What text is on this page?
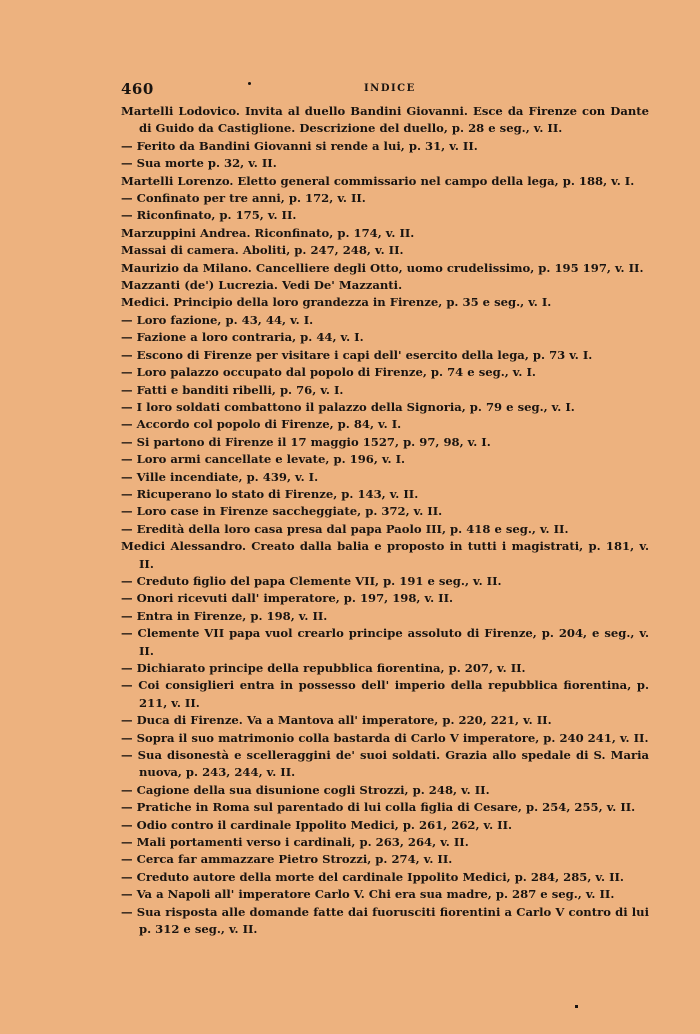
460	INDICE

Martelli Lodovico. Invita al duello Bandini Giovanni. Esce da Firenze con Dante di Guido da Castiglione. Descrizione del duello, p. 28 e seg., v. II.

— Ferito da Bandini Giovanni si rende a lui, p. 31, v. II.

— Sua morte p. 32, v. II.

Martelli Lorenzo. Eletto general commissario nel campo della lega, p. 188, v. I.

— Confinato per tre anni, p. 172, v. II.

— Riconfinato, p. 175, v. II.

Marzuppini Andrea. Riconfinato, p. 174, v. II.

Massai di camera. Aboliti, p. 247, 248, v. II.

Maurizio da Milano. Cancelliere degli Otto, uomo crudelissimo, p. 195 197, v. II.

Mazzanti (de') Lucrezia. Vedi De' Mazzanti.

Medici. Principio della loro grandezza in Firenze, p. 35 e seg., v. I.

— Loro fazione, p. 43, 44, v. I.

— Fazione a loro contraria, p. 44, v. I.

— Escono di Firenze per visitare i capi dell' esercito della lega, p. 73 v. I.

— Loro palazzo occupato dal popolo di Firenze, p. 74 e seg., v. I.

— Fatti e banditi ribelli, p. 76, v. I.

— I loro soldati combattono il palazzo della Signoria, p. 79 e seg., v. I.

— Accordo col popolo di Firenze, p. 84, v. I.

— Si partono di Firenze il 17 maggio 1527, p. 97, 98, v. I.

— Loro armi cancellate e levate, p. 196, v. I.

— Ville incendiate, p. 439, v. I.

— Ricuperano lo stato di Firenze, p. 143, v. II.

— Loro case in Firenze saccheggiate, p. 372, v. II.

— Eredità della loro casa presa dal papa Paolo III, p. 418 e seg., v. II.

Medici Alessandro. Creato dalla balia e proposto in tutti i magistrati, p. 181, v. II.

— Creduto figlio del papa Clemente VII, p. 191 e seg., v. II.

— Onori ricevuti dall' imperatore, p. 197, 198, v. II.

— Entra in Firenze, p. 198, v. II.

— Clemente VII papa vuol crearlo principe assoluto di Firenze, p. 204, e seg., v. II.

— Dichiarato principe della repubblica fiorentina, p. 207, v. II.

— Coi consiglieri entra in possesso dell' imperio della repubblica fiorentina, p. 211, v. II.

— Duca di Firenze. Va a Mantova all' imperatore, p. 220, 221, v. II.

— Sopra il suo matrimonio colla bastarda di Carlo V imperatore, p. 240 241, v. II.

— Sua disonestà e scelleraggini de' suoi soldati. Grazia allo spedale di S. Maria nuova, p. 243, 244, v. II.

— Cagione della sua disunione cogli Strozzi, p. 248, v. II.

— Pratiche in Roma sul parentado di lui colla figlia di Cesare, p. 254, 255, v. II.

— Odio contro il cardinale Ippolito Medici, p. 261, 262, v. II.

— Mali portamenti verso i cardinali, p. 263, 264, v. II.

— Cerca far ammazzare Pietro Strozzi, p. 274, v. II.

— Creduto autore della morte del cardinale Ippolito Medici, p. 284, 285, v. II.

— Va a Napoli all' imperatore Carlo V. Chi era sua madre, p. 287 e seg., v. II.

— Sua risposta alle domande fatte dai fuorusciti fiorentini a Carlo V contro di lui p. 312 e seg., v. II.
